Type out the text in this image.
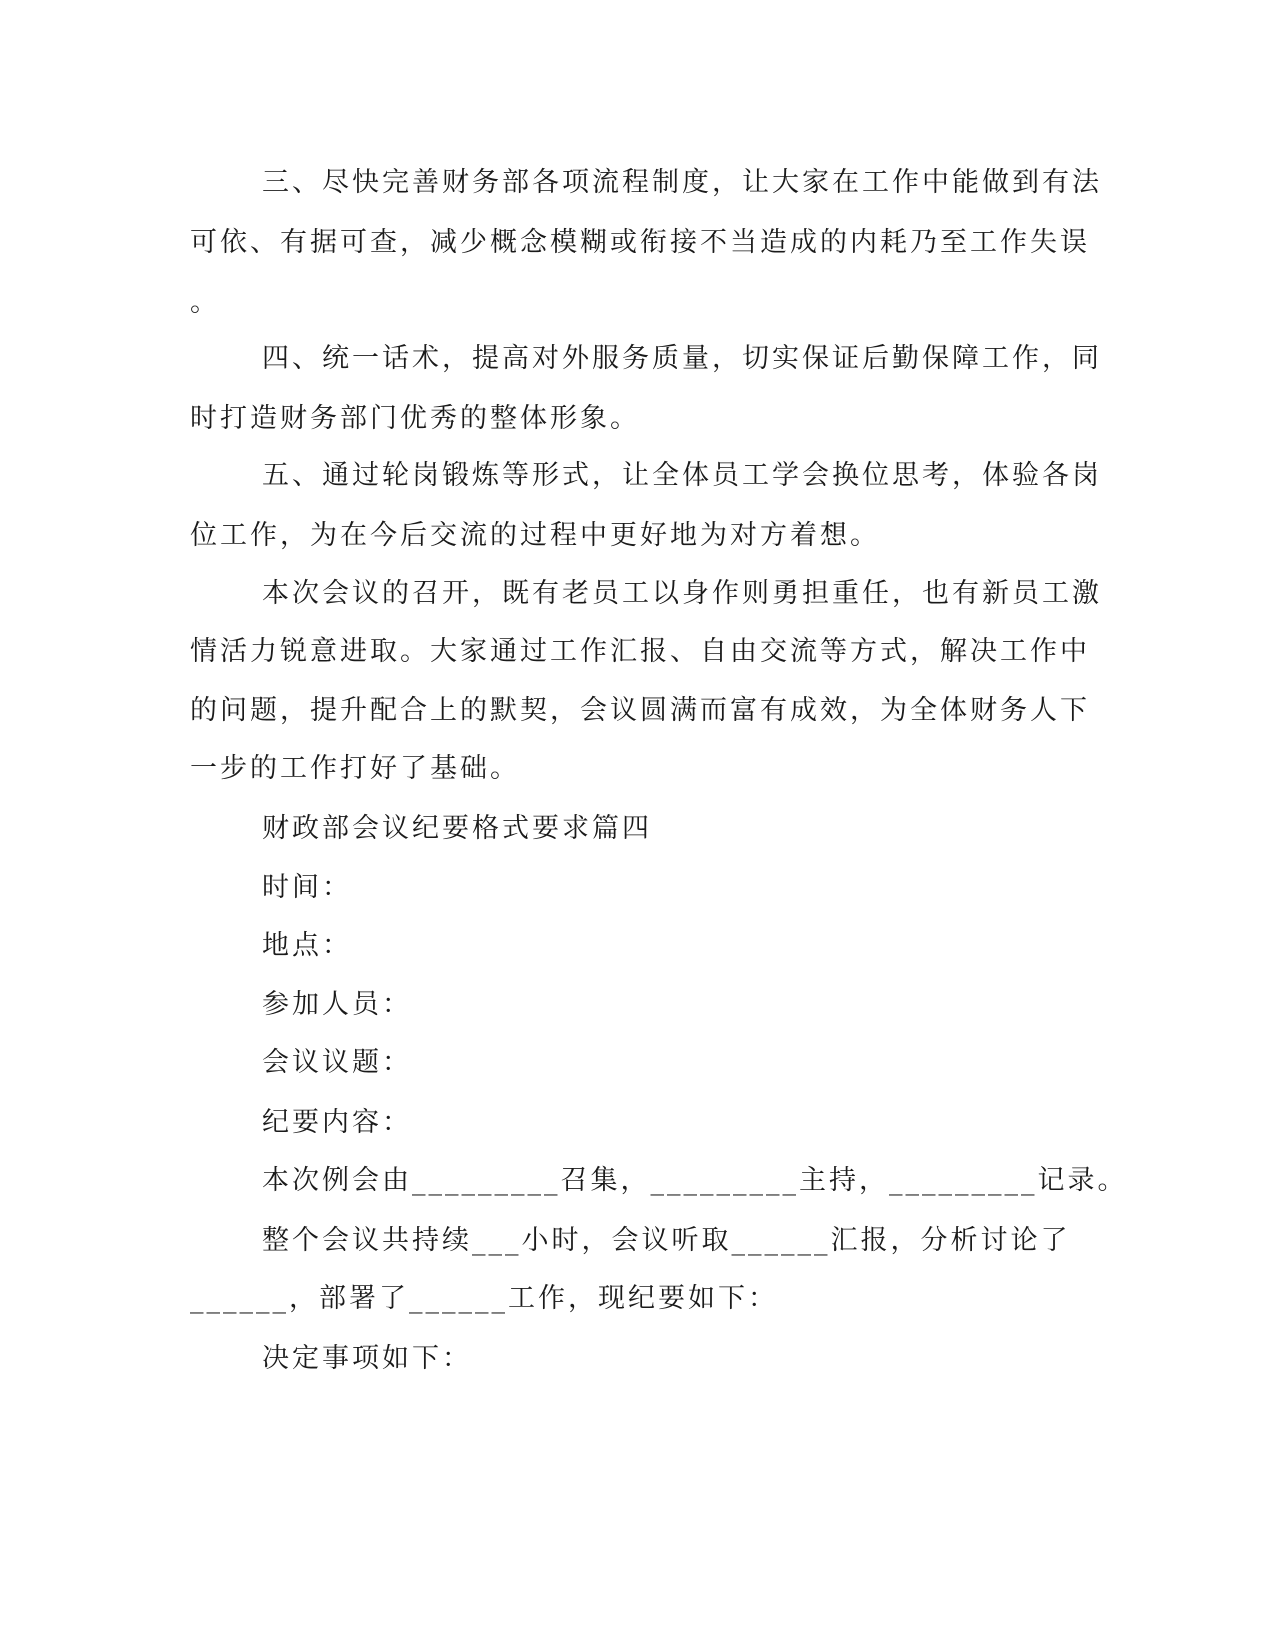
三、尽快完善财务部各项流程制度，让大家在工作中能做到有法
可依、有据可查，减少概念模糊或衔接不当造成的内耗乃至工作失误
。
四、统一话术，提高对外服务质量，切实保证后勤保障工作，同
时打造财务部门优秀的整体形象。
五、通过轮岗锻炼等形式，让全体员工学会换位思考，体验各岗
位工作，为在今后交流的过程中更好地为对方着想。
本次会议的召开，既有老员工以身作则勇担重任，也有新员工激
情活力锐意进取。大家通过工作汇报、自由交流等方式，解决工作中
的问题，提升配合上的默契，会议圆满而富有成效，为全体财务人下
一步的工作打好了基础。
财政部会议纪要格式要求篇四
时间：
地点：
参加人员：
会议议题：
纪要内容：
本次例会由_________召集，_________主持，_________记录。
整个会议共持续___小时，会议听取______汇报，分析讨论了
______，部署了______工作，现纪要如下：
决定事项如下：
